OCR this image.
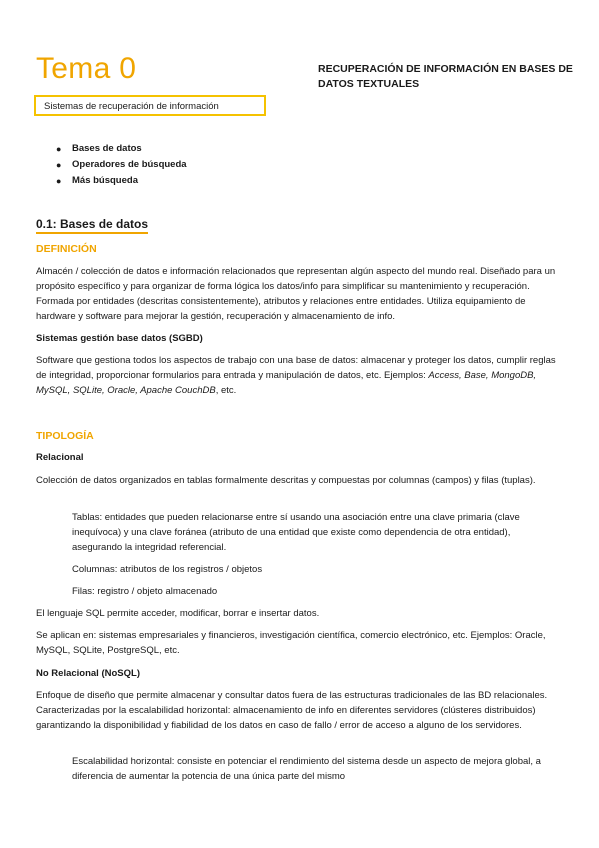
Tema 0	RECUPERACIÓN DE INFORMACIÓN EN BASES DE DATOS TEXTUALES
Sistemas de recuperación de información
● Bases de datos
● Operadores de búsqueda
● Más búsqueda
0.1: Bases de datos
DEFINICIÓN

Almacén / colección de datos e información relacionados que representan algún aspecto del mundo real. Diseñado para un propósito específico y para organizar de forma lógica los datos/info para simplificar su mantenimiento y recuperación. Formada por entidades (descritas consistentemente), atributos y relaciones entre entidades. Utiliza equipamiento de hardware y software para mejorar la gestión, recuperación y almacenamiento de info.

Sistemas gestión base datos (SGBD)

Software que gestiona todos los aspectos de trabajo con una base de datos: almacenar y proteger los datos, cumplir reglas de integridad, proporcionar formularios para entrada y manipulación de datos, etc. Ejemplos: Access, Base, MongoDB, MySQL, SQLite, Oracle, Apache CouchDB, etc.

TIPOLOGÍA
Relacional

Colección de datos organizados en tablas formalmente descritas y compuestas por columnas (campos) y filas (tuplas).

Tablas: entidades que pueden relacionarse entre sí usando una asociación entre una clave primaria (clave inequívoca) y una clave foránea (atributo de una entidad que existe como dependencia de otra entidad), asegurando la integridad referencial.

Columnas: atributos de los registros / objetos

Filas: registro / objeto almacenado

El lenguaje SQL permite acceder, modificar, borrar e insertar datos.

Se aplican en: sistemas empresariales y financieros, investigación científica, comercio electrónico, etc. Ejemplos: Oracle, MySQL, SQLite, PostgreSQL, etc.

No Relacional (NoSQL)

Enfoque de diseño que permite almacenar y consultar datos fuera de las estructuras tradicionales de las BD relacionales. Caracterizadas por la escalabilidad horizontal: almacenamiento de info en diferentes servidores (clústeres distribuidos) garantizando la disponibilidad y fiabilidad de los datos en caso de fallo / error de acceso a alguno de los servidores.

Escalabilidad horizontal: consiste en potenciar el rendimiento del sistema desde un aspecto de mejora global, a diferencia de aumentar la potencia de una única parte del mismo
